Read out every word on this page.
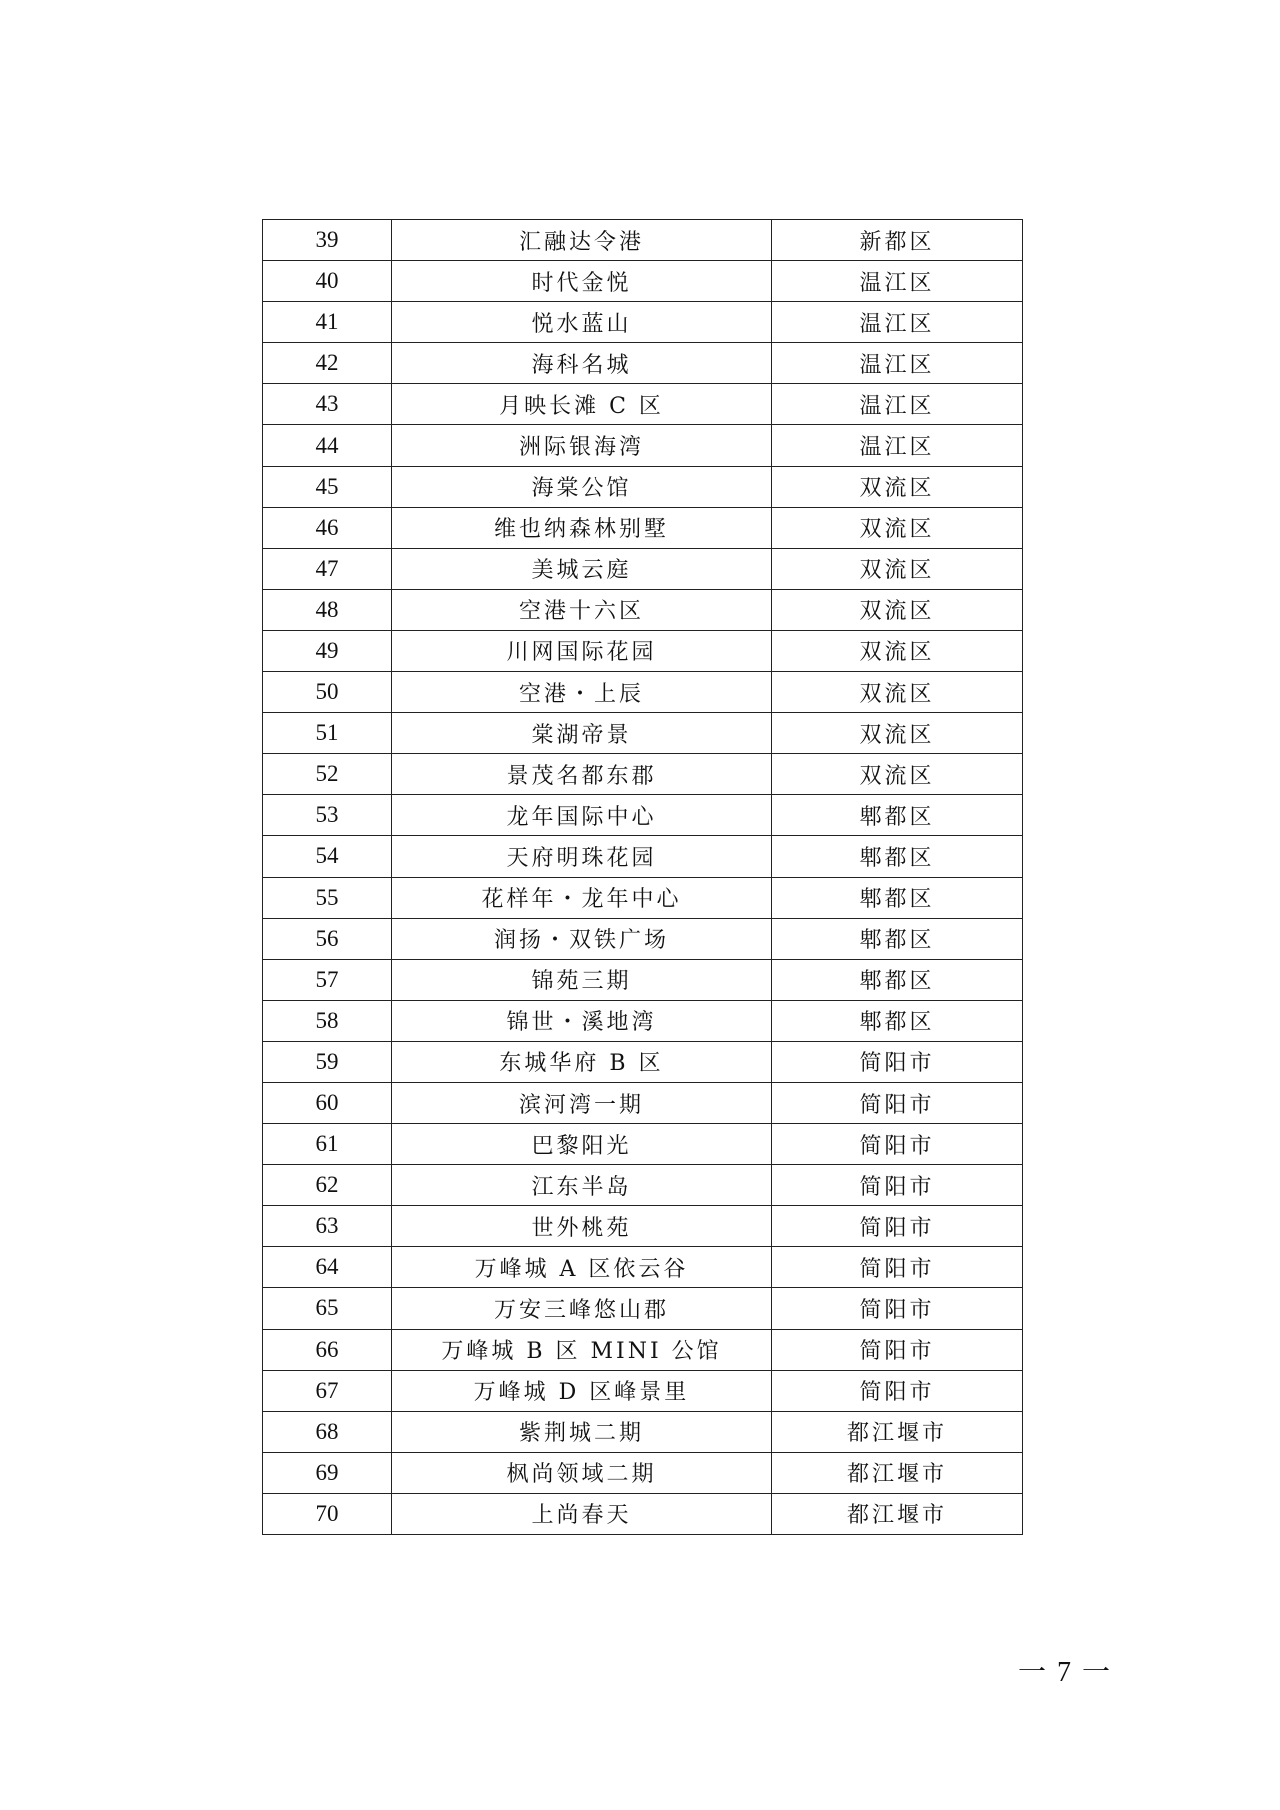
39	汇融达令港	新都区
40	时代金悦	温江区
41	悦水蓝山	温江区
42	海科名城	温江区
43	月映长滩 C 区	温江区
44	洲际银海湾	温江区
45	海棠公馆	双流区
46	维也纳森林别墅	双流区
47	美城云庭	双流区
48	空港十六区	双流区
49	川网国际花园	双流区
50	空港・上辰	双流区
51	棠湖帝景	双流区
52	景茂名都东郡	双流区
53	龙年国际中心	郫都区
54	天府明珠花园	郫都区
55	花样年・龙年中心	郫都区
56	润扬・双铁广场	郫都区
57	锦苑三期	郫都区
58	锦世・溪地湾	郫都区
59	东城华府 B 区	简阳市
60	滨河湾一期	简阳市
61	巴黎阳光	简阳市
62	江东半岛	简阳市
63	世外桃苑	简阳市
64	万峰城 A 区依云谷	简阳市
65	万安三峰悠山郡	简阳市
66	万峰城 B 区 MINI 公馆	简阳市
67	万峰城 D 区峰景里	简阳市
68	紫荆城二期	都江堰市
69	枫尚领域二期	都江堰市
70	上尚春天	都江堰市
一 7 一
